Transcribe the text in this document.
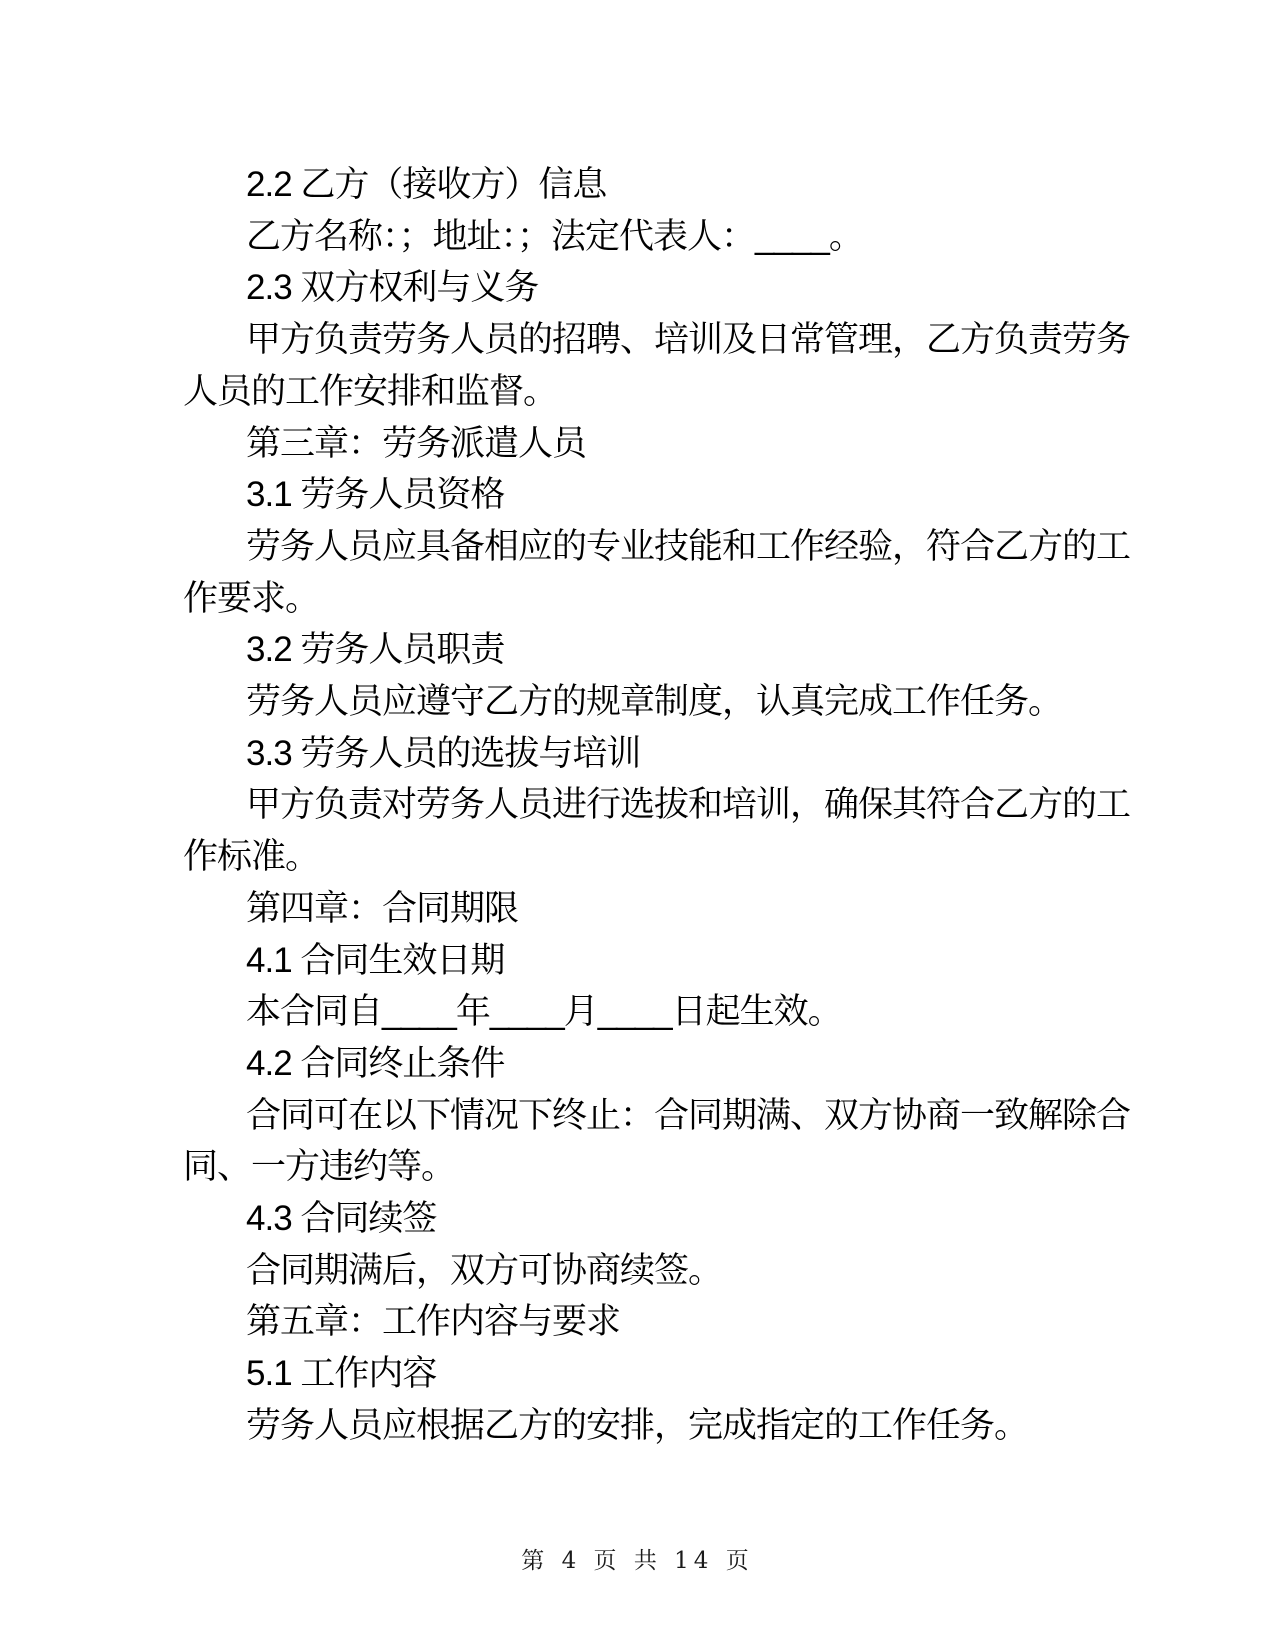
2.2 乙方（接收方）信息
乙方名称：；地址：；法定代表人：____。
2.3 双方权利与义务
甲方负责劳务人员的招聘、培训及日常管理，乙方负责劳务
人员的工作安排和监督。
第三章：劳务派遣人员
3.1 劳务人员资格
劳务人员应具备相应的专业技能和工作经验，符合乙方的工
作要求。
3.2 劳务人员职责
劳务人员应遵守乙方的规章制度，认真完成工作任务。
3.3 劳务人员的选拔与培训
甲方负责对劳务人员进行选拔和培训，确保其符合乙方的工
作标准。
第四章：合同期限
4.1 合同生效日期
本合同自____年____月____日起生效。
4.2 合同终止条件
合同可在以下情况下终止：合同期满、双方协商一致解除合
同、一方违约等。
4.3 合同续签
合同期满后，双方可协商续签。
第五章：工作内容与要求
5.1 工作内容
劳务人员应根据乙方的安排，完成指定的工作任务。
第 4 页 共 14 页
